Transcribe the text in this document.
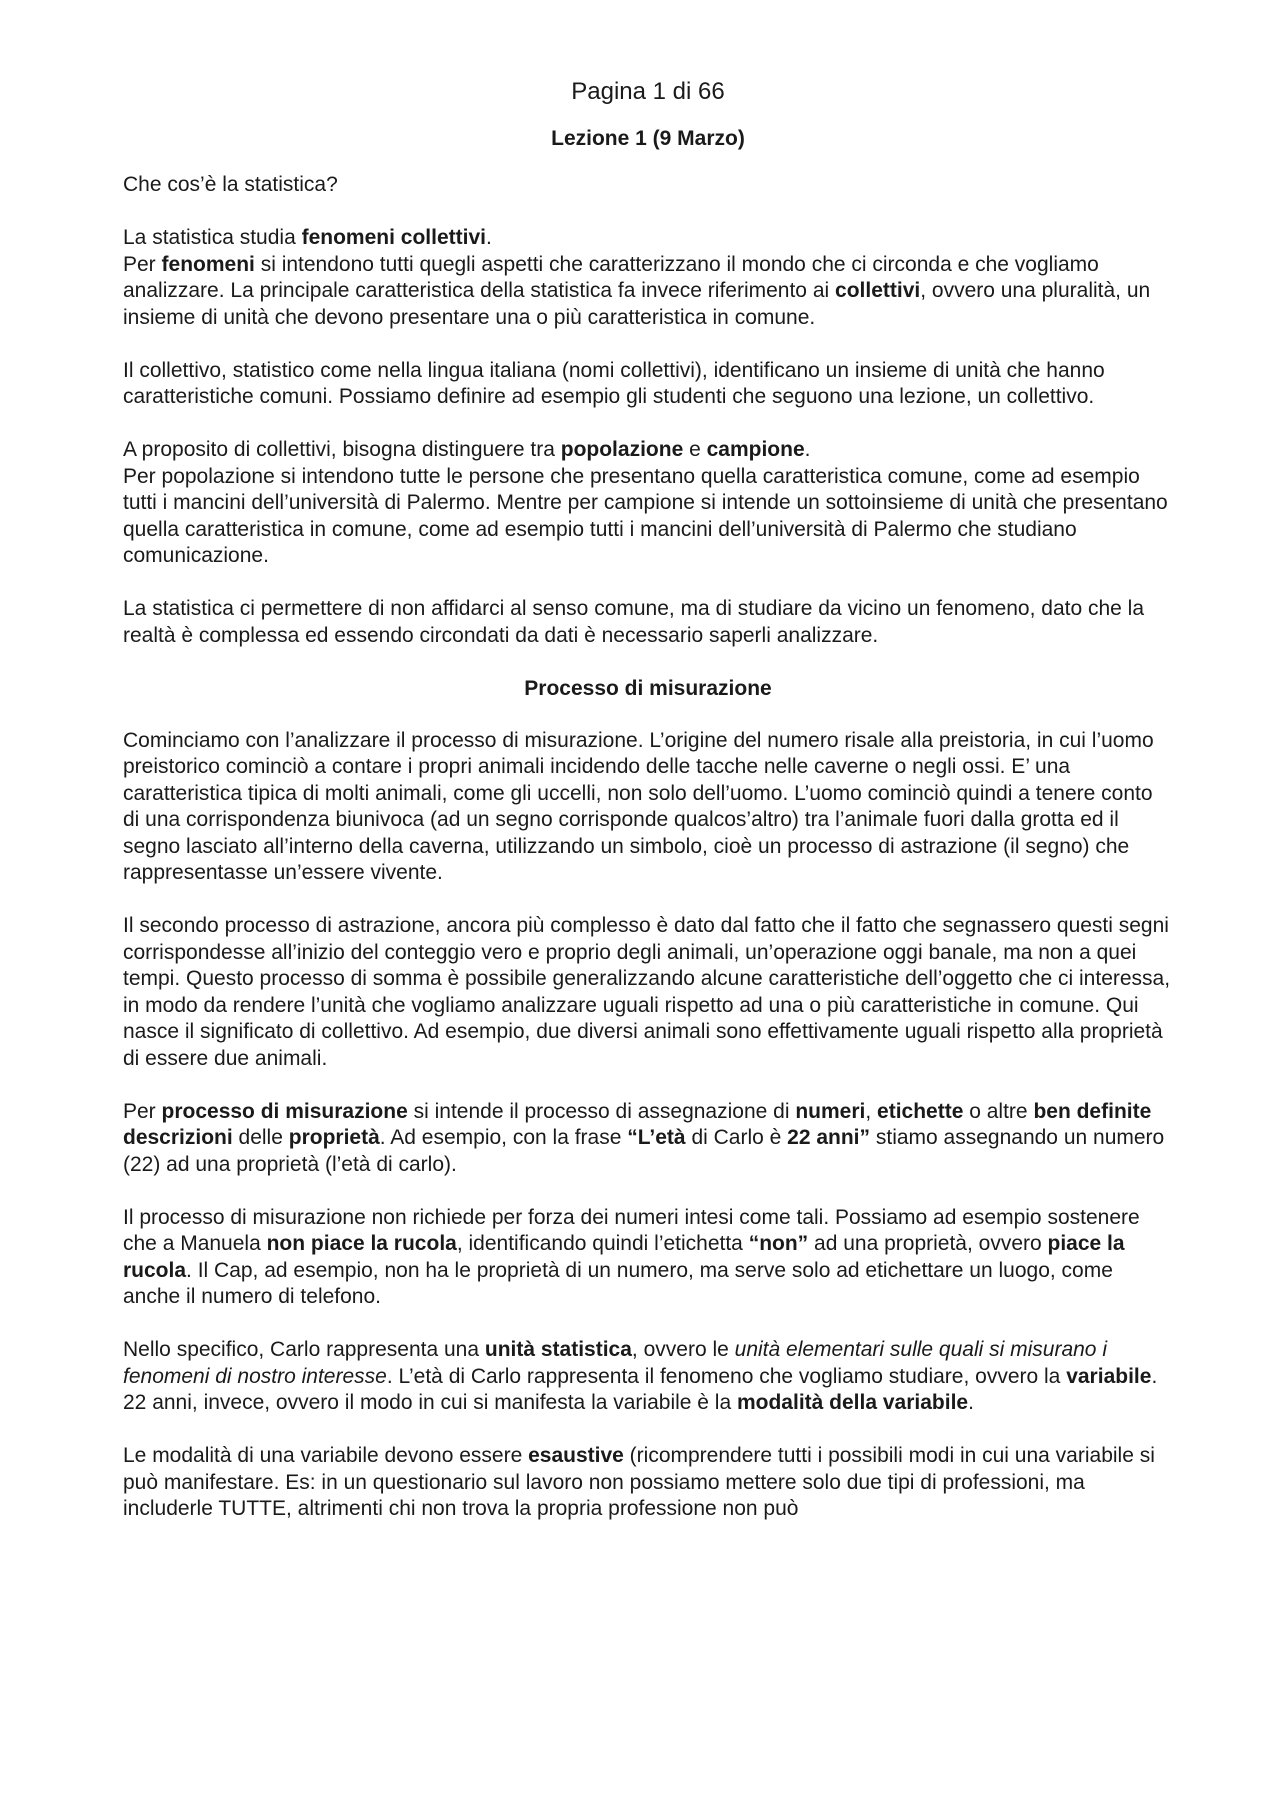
Pagina 1 di 66
Lezione 1 (9 Marzo)

Che cos’è la statistica?

La statistica studia fenomeni collettivi.

Per fenomeni si intendono tutti quegli aspetti che caratterizzano il mondo che ci circonda e che vogliamo analizzare. La principale caratteristica della statistica fa invece riferimento ai collettivi, ovvero una pluralità, un insieme di unità che devono presentare una o più caratteristica in comune.

Il collettivo, statistico come nella lingua italiana (nomi collettivi), identificano un insieme di unità che hanno caratteristiche comuni. Possiamo definire ad esempio gli studenti che seguono una lezione, un collettivo.

A proposito di collettivi, bisogna distinguere tra popolazione e campione.

Per popolazione si intendono tutte le persone che presentano quella caratteristica comune, come ad esempio tutti i mancini dell’università di Palermo. Mentre per campione si intende un sottoinsieme di unità che presentano quella caratteristica in comune, come ad esempio tutti i mancini dell’università di Palermo che studiano comunicazione.

La statistica ci permettere di non affidarci al senso comune, ma di studiare da vicino un fenomeno, dato che la realtà è complessa ed essendo circondati da dati è necessario saperli analizzare.

Processo di misurazione

Cominciamo con l’analizzare il processo di misurazione. L’origine del numero risale alla preistoria, in cui l’uomo preistorico cominciò a contare i propri animali incidendo delle tacche nelle caverne o negli ossi. E’ una caratteristica tipica di molti animali, come gli uccelli, non solo dell’uomo. L’uomo cominciò quindi a tenere conto di una corrispondenza biunivoca (ad un segno corrisponde qualcos’altro) tra l’animale fuori dalla grotta ed il segno lasciato all’interno della caverna, utilizzando un simbolo, cioè un processo di astrazione (il segno) che rappresentasse un’essere vivente.

Il secondo processo di astrazione, ancora più complesso è dato dal fatto che il fatto che segnassero questi segni corrispondesse all’inizio del conteggio vero e proprio degli animali, un’operazione oggi banale, ma non a quei tempi. Questo processo di somma è possibile generalizzando alcune caratteristiche dell’oggetto che ci interessa, in modo da rendere l’unità che vogliamo analizzare uguali rispetto ad una o più caratteristiche in comune. Qui nasce il significato di collettivo. Ad esempio, due diversi animali sono effettivamente uguali rispetto alla proprietà di essere due animali.

Per processo di misurazione si intende il processo di assegnazione di numeri, etichette o altre ben definite descrizioni delle proprietà. Ad esempio, con la frase “L’età di Carlo è 22 anni” stiamo assegnando un numero (22) ad una proprietà (l’età di carlo).

Il processo di misurazione non richiede per forza dei numeri intesi come tali. Possiamo ad esempio sostenere che a Manuela non piace la rucola, identificando quindi l’etichetta “non” ad una proprietà, ovvero piace la rucola. Il Cap, ad esempio, non ha le proprietà di un numero, ma serve solo ad etichettare un luogo, come anche il numero di telefono.

Nello specifico, Carlo rappresenta una unità statistica, ovvero le unità elementari sulle quali si misurano i fenomeni di nostro interesse. L’età di Carlo rappresenta il fenomeno che vogliamo studiare, ovvero la variabile. 22 anni, invece, ovvero il modo in cui si manifesta la variabile è la modalità della variabile.

Le modalità di una variabile devono essere esaustive (ricomprendere tutti i possibili modi in cui una variabile si può manifestare. Es: in un questionario sul lavoro non possiamo mettere solo due tipi di professioni, ma includerle TUTTE, altrimenti chi non trova la propria professione non può
